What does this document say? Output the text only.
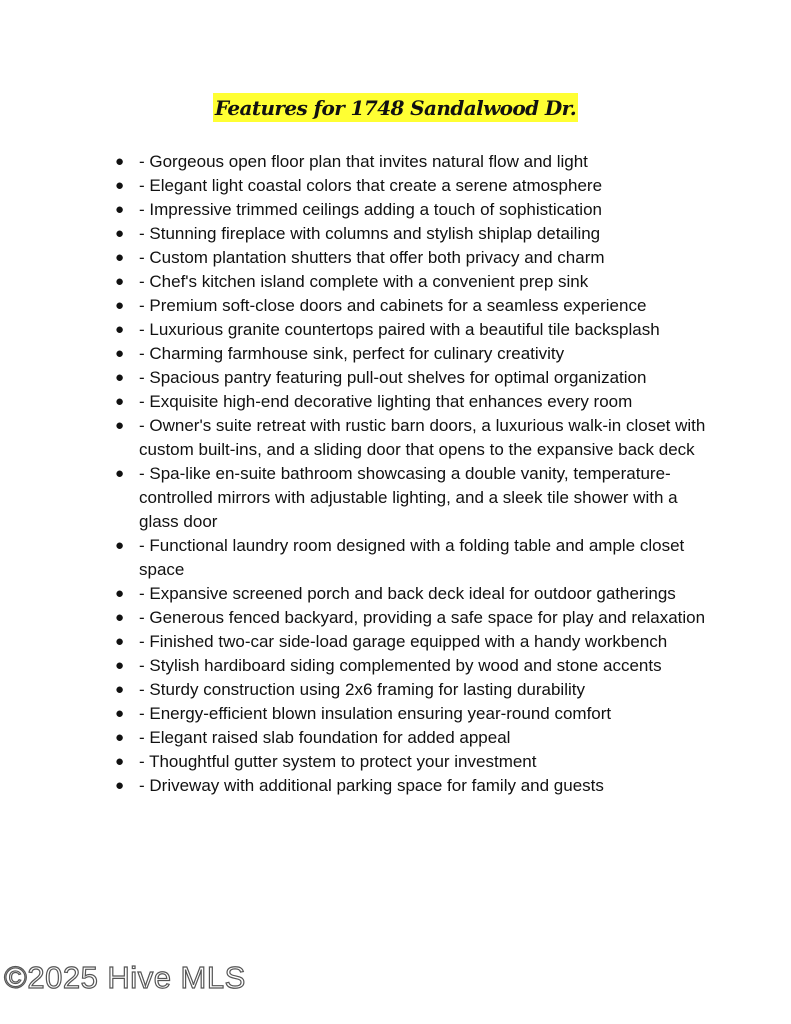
Features for 1748 Sandalwood Dr.
● - Gorgeous open floor plan that invites natural flow and light
● - Elegant light coastal colors that create a serene atmosphere
● - Impressive trimmed ceilings adding a touch of sophistication
● - Stunning fireplace with columns and stylish shiplap detailing
● - Custom plantation shutters that offer both privacy and charm
● - Chef's kitchen island complete with a convenient prep sink
● - Premium soft-close doors and cabinets for a seamless experience
● - Luxurious granite countertops paired with a beautiful tile backsplash
● - Charming farmhouse sink, perfect for culinary creativity
● - Spacious pantry featuring pull-out shelves for optimal organization
● - Exquisite high-end decorative lighting that enhances every room
● - Owner's suite retreat with rustic barn doors, a luxurious walk-in closet with custom built-ins, and a sliding door that opens to the expansive back deck
● - Spa-like en-suite bathroom showcasing a double vanity, temperature-controlled mirrors with adjustable lighting, and a sleek tile shower with a glass door
● - Functional laundry room designed with a folding table and ample closet space
● - Expansive screened porch and back deck ideal for outdoor gatherings
● - Generous fenced backyard, providing a safe space for play and relaxation
● - Finished two-car side-load garage equipped with a handy workbench
● - Stylish hardiboard siding complemented by wood and stone accents
● - Sturdy construction using 2x6 framing for lasting durability
● - Energy-efficient blown insulation ensuring year-round comfort
● - Elegant raised slab foundation for added appeal
● - Thoughtful gutter system to protect your investment
● - Driveway with additional parking space for family and guests
©2025 Hive MLS
